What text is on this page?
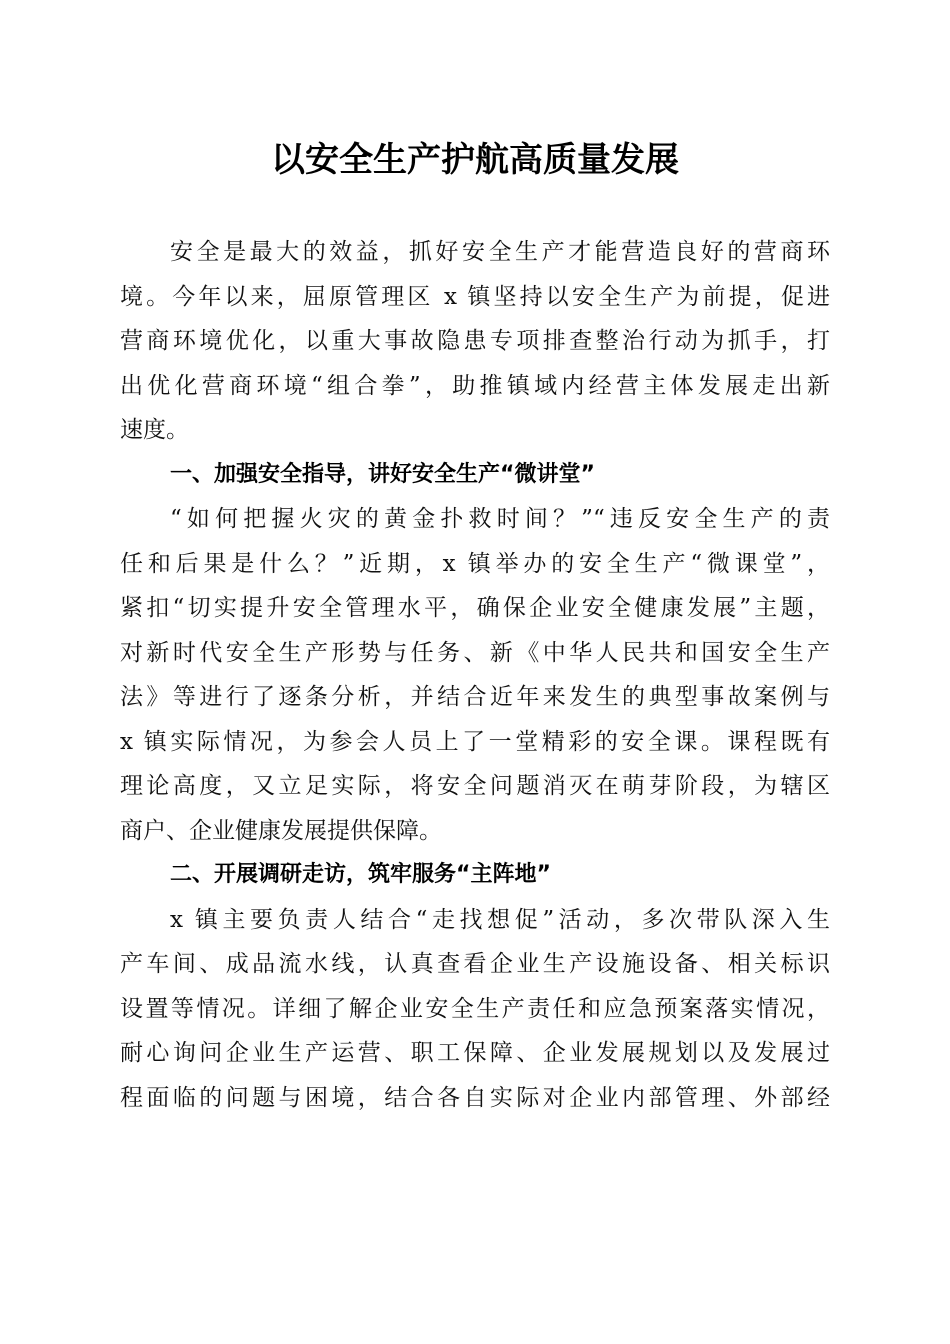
以安全生产护航高质量发展
安全是最大的效益，抓好安全生产才能营造良好的营商环
境。今年以来，屈原管理区 x 镇坚持以安全生产为前提，促进
营商环境优化，以重大事故隐患专项排查整治行动为抓手，打
出优化营商环境“组合拳”，助推镇域内经营主体发展走出新
速度。
一、加强安全指导，讲好安全生产“微讲堂”
“如何把握火灾的黄金扑救时间？”“违反安全生产的责
任和后果是什么？”近期，x 镇举办的安全生产“微课堂”，
紧扣“切实提升安全管理水平，确保企业安全健康发展”主题，
对新时代安全生产形势与任务、新《中华人民共和国安全生产
法》等进行了逐条分析，并结合近年来发生的典型事故案例与
x 镇实际情况，为参会人员上了一堂精彩的安全课。课程既有
理论高度，又立足实际，将安全问题消灭在萌芽阶段，为辖区
商户、企业健康发展提供保障。
二、开展调研走访，筑牢服务“主阵地”
x 镇主要负责人结合“走找想促”活动，多次带队深入生
产车间、成品流水线，认真查看企业生产设施设备、相关标识
设置等情况。详细了解企业安全生产责任和应急预案落实情况，
耐心询问企业生产运营、职工保障、企业发展规划以及发展过
程面临的问题与困境，结合各自实际对企业内部管理、外部经
